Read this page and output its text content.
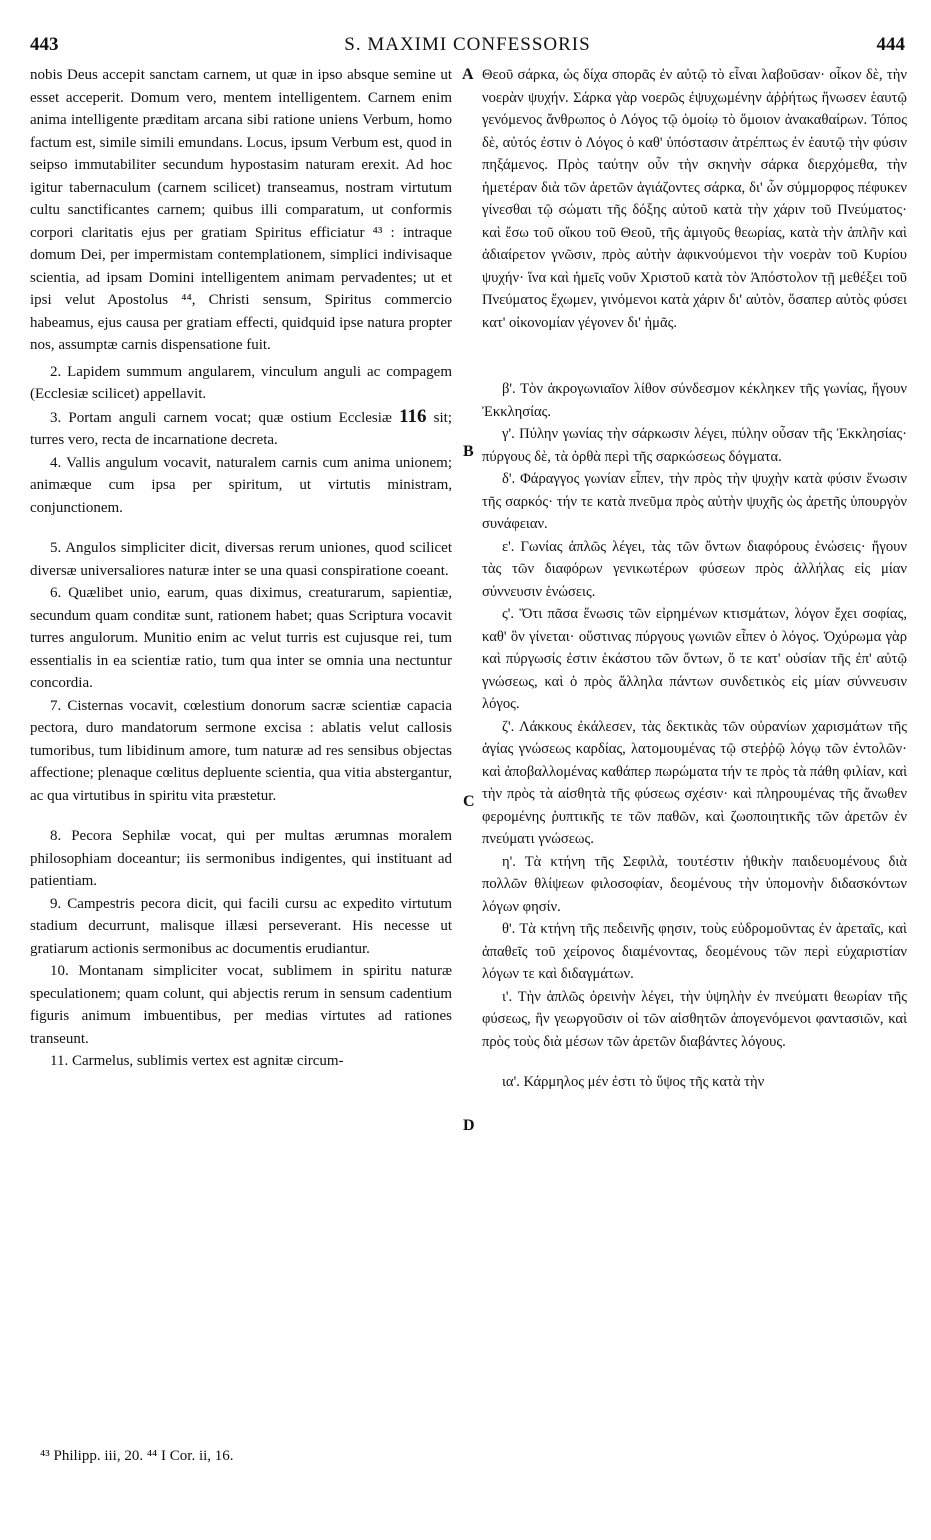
443	S. MAXIMI CONFESSORIS	444
A
B
C
D

nobis Deus accepit sanctam carnem, ut quæ in ipso absque semine ut esset acceperit. Domum vero, mentem intelligentem. Carnem enim anima intelligente præditam arcana sibi ratione uniens Verbum, homo factum est, simile simili emundans. Locus, ipsum Verbum est, quod in seipso immutabiliter secundum hypostasim naturam erexit. Ad hoc igitur tabernaculum (carnem scilicet) transeamus, nostram virtutum cultu sanctificantes carnem; quibus illi comparatum, ut conformis corpori claritatis ejus per gratiam Spiritus efficiatur ⁴³ : intraque domum Dei, per impermistam contemplationem, simplici indivisaque scientia, ad ipsam Domini intelligentem animam pervadentes; ut et ipsi velut Apostolus ⁴⁴, Christi sensum, Spiritus commercio habeamus, ejus causa per gratiam effecti, quidquid ipse natura propter nos, assumptæ carnis dispensatione fuit.

2. Lapidem summum angularem, vinculum anguli ac compagem (Ecclesiæ scilicet) appellavit.

3. Portam anguli carnem vocat; quæ ostium Ecclesiæ 116 sit; turres vero, recta de incarnatione decreta.

4. Vallis angulum vocavit, naturalem carnis cum anima unionem; animæque cum ipsa per spiritum, ut virtutis ministram, conjunctionem.

5. Angulos simpliciter dicit, diversas rerum uniones, quod scilicet diversæ universaliores naturæ inter se una quasi conspiratione coeant.

6. Quælibet unio, earum, quas diximus, creaturarum, sapientiæ, secundum quam conditæ sunt, rationem habet; quas Scriptura vocavit turres angulorum. Munitio enim ac velut turris est cujusque rei, tum essentialis in ea scientiæ ratio, tum qua inter se omnia una nectuntur concordia.

7. Cisternas vocavit, cœlestium donorum sacræ scientiæ capacia pectora, duro mandatorum sermone excisa : ablatis velut callosis tumoribus, tum libidinum amore, tum naturæ ad res sensibus objectas affectione; plenaque cœlitus depluente scientia, qua vitia abstergantur, ac qua virtutibus in spiritu vita præstetur.

8. Pecora Sephilæ vocat, qui per multas ærumnas moralem philosophiam doceantur; iis sermonibus indigentes, qui instituant ad patientiam.

9. Campestris pecora dicit, qui facili cursu ac expedito virtutum stadium decurrunt, malisque illæsi perseverant. His necesse ut gratiarum actionis sermonibus ac documentis erudiantur.

10. Montanam simpliciter vocat, sublimem in spiritu naturæ speculationem; quam colunt, qui abjectis rerum in sensum cadentium figuris animum imbuentibus, per medias virtutes ad rationes transeunt.

11. Carmelus, sublimis vertex est agnitæ circum-

Θεοῦ σάρκα, ὡς δίχα σπορᾶς ἐν αὐτῷ τὸ εἶναι λαβοῦσαν· οἶκον δὲ, τὴν νοερὰν ψυχήν. Σάρκα γὰρ νοερῶς ἐψυχωμένην ἀῤῥήτως ἥνωσεν ἑαυτῷ γενόμενος ἄνθρωπος ὁ Λόγος τῷ ὁμοίῳ τὸ ὅμοιον ἀνακαθαίρων. Τόπος δὲ, αὐτός ἐστιν ὁ Λόγος ὁ καθ' ὑπόστασιν ἀτρέπτως ἐν ἑαυτῷ τὴν φύσιν πηξάμενος. Πρὸς ταύτην οὖν τὴν σκηνὴν σάρκα διερχόμεθα, τὴν ἡμετέραν διὰ τῶν ἀρετῶν ἁγιάζοντες σάρκα, δι' ὧν σύμμορφος πέφυκεν γίνεσθαι τῷ σώματι τῆς δόξης αὐτοῦ κατὰ τὴν χάριν τοῦ Πνεύματος· καὶ ἔσω τοῦ οἴκου τοῦ Θεοῦ, τῆς ἀμιγοῦς θεωρίας, κατὰ τὴν ἁπλῆν καὶ ἀδιαίρετον γνῶσιν, πρὸς αὐτὴν ἀφικνούμενοι τὴν νοερὰν τοῦ Κυρίου ψυχήν· ἵνα καὶ ἡμεῖς νοῦν Χριστοῦ κατὰ τὸν Ἀπόστολον τῇ μεθέξει τοῦ Πνεύματος ἔχωμεν, γινόμενοι κατὰ χάριν δι' αὐτὸν, ὅσαπερ αὐτὸς φύσει κατ' οἰκονομίαν γέγονεν δι' ἡμᾶς.

β'. Τὸν ἀκρογωνιαῖον λίθον σύνδεσμον κέκληκεν τῆς γωνίας, ἤγουν Ἐκκλησίας.

γ'. Πύλην γωνίας τὴν σάρκωσιν λέγει, πύλην οὖσαν τῆς Ἐκκλησίας· πύργους δὲ, τὰ ὀρθὰ περὶ τῆς σαρκώσεως δόγματα.

δ'. Φάραγγος γωνίαν εἶπεν, τὴν πρὸς τὴν ψυχὴν κατὰ φύσιν ἕνωσιν τῆς σαρκός· τήν τε κατὰ πνεῦμα πρὸς αὐτὴν ψυχῆς ὡς ἀρετῆς ὑπουργὸν συνάφειαν.

ε'. Γωνίας ἁπλῶς λέγει, τὰς τῶν ὄντων διαφόρους ἑνώσεις· ἤγουν τὰς τῶν διαφόρων γενικωτέρων φύσεων πρὸς ἀλλήλας εἰς μίαν σύννευσιν ἑνώσεις.

ς'. Ὅτι πᾶσα ἕνωσις τῶν εἰρημένων κτισμάτων, λόγον ἔχει σοφίας, καθ' ὃν γίνεται· οὕστινας πύργους γωνιῶν εἶπεν ὁ λόγος. Ὀχύρωμα γὰρ καὶ πύργωσίς ἐστιν ἑκάστου τῶν ὄντων, ὅ τε κατ' οὐσίαν τῆς ἐπ' αὐτῷ γνώσεως, καὶ ὁ πρὸς ἄλληλα πάντων συνδετικὸς εἰς μίαν σύννευσιν λόγος.

ζ'. Λάκκους ἐκάλεσεν, τὰς δεκτικὰς τῶν οὐρανίων χαρισμάτων τῆς ἁγίας γνώσεως καρδίας, λατομουμένας τῷ στεῤῥῷ λόγῳ τῶν ἐντολῶν· καὶ ἀποβαλλομένας καθάπερ πωρώματα τήν τε πρὸς τὰ πάθη φιλίαν, καὶ τὴν πρὸς τὰ αἰσθητὰ τῆς φύσεως σχέσιν· καὶ πληρουμένας τῆς ἄνωθεν φερομένης ῥυπτικῆς τε τῶν παθῶν, καὶ ζωοποιητικῆς τῶν ἀρετῶν ἐν πνεύματι γνώσεως.

η'. Τὰ κτήνη τῆς Σεφιλὰ, τουτέστιν ἠθικὴν παιδευομένους διὰ πολλῶν θλίψεων φιλοσοφίαν, δεομένους τὴν ὑπομονὴν διδασκόντων λόγων φησίν.

θ'. Τὰ κτήνη τῆς πεδεινῆς φησιν, τοὺς εὐδρομοῦντας ἐν ἀρεταῖς, καὶ ἀπαθεῖς τοῦ χείρονος διαμένοντας, δεομένους τῶν περὶ εὐχαριστίαν λόγων τε καὶ διδαγμάτων.

ι'. Τὴν ἁπλῶς ὀρεινὴν λέγει, τὴν ὑψηλὴν ἐν πνεύματι θεωρίαν τῆς φύσεως, ἣν γεωργοῦσιν οἱ τῶν αἰσθητῶν ἀπογενόμενοι φαντασιῶν, καὶ πρὸς τοὺς διὰ μέσων τῶν ἀρετῶν διαβάντες λόγους.

ια'. Κάρμηλος μέν ἐστι τὸ ὕψος τῆς κατὰ τὴν

⁴³ Philipp. iii, 20. ⁴⁴ I Cor. ii, 16.
